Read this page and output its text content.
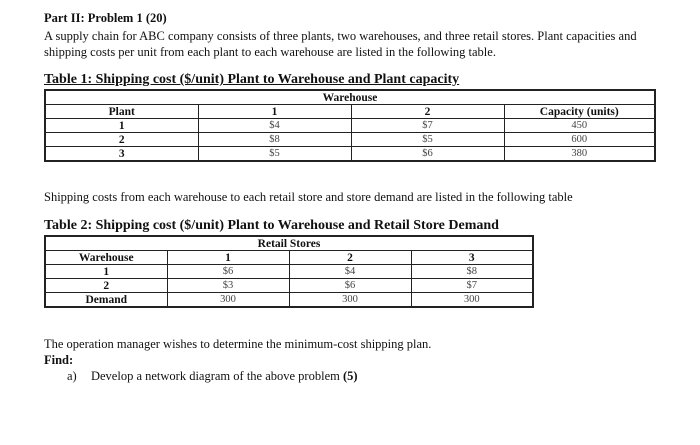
Part II: Problem 1 (20)
A supply chain for ABC company consists of three plants, two warehouses, and three retail stores. Plant capacities and
shipping costs per unit from each plant to each warehouse are listed in the following table.
Table 1: Shipping cost ($/unit) Plant to Warehouse and Plant capacity
Warehouse			
Plant	1	2	Capacity (units)
1	$4	$7	450
2	$8	$5	600
3	$5	$6	380
Shipping costs from each warehouse to each retail store and store demand are listed in the following table
Table 2: Shipping cost ($/unit) Plant to Warehouse and Retail Store Demand
Retail Stores			
Warehouse	1	2	3
1	$6	$4	$8
2	$3	$6	$7
Demand	300	300	300
The operation manager wishes to determine the minimum-cost shipping plan.
Find:
a) Develop a network diagram of the above problem (5)
